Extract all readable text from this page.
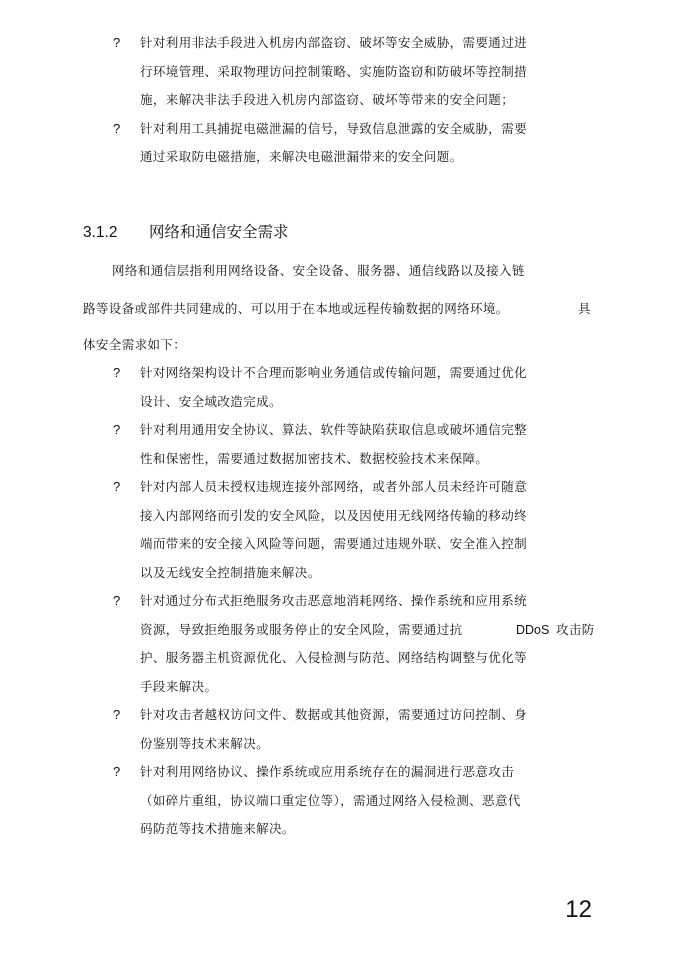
? 针对利用非法手段进入机房内部盗窃、破坏等安全威胁，需要通过进
行环境管理、采取物理访问控制策略、实施防盗窃和防破坏等控制措
施，来解决非法手段进入机房内部盗窃、破坏等带来的安全问题；
? 针对利用工具捕捉电磁泄漏的信号，导致信息泄露的安全威胁，需要
通过采取防电磁措施，来解决电磁泄漏带来的安全问题。
3.1.2 网络和通信安全需求
网络和通信层指利用网络设备、安全设备、服务器、通信线路以及接入链
路等设备或部件共同建成的、可以用于在本地或远程传输数据的网络环境。	具
体安全需求如下：
? 针对网络架构设计不合理而影响业务通信或传输问题，需要通过优化
设计、安全域改造完成。
? 针对利用通用安全协议、算法、软件等缺陷获取信息或破坏通信完整
性和保密性，需要通过数据加密技术、数据校验技术来保障。
? 针对内部人员未授权违规连接外部网络，或者外部人员未经许可随意
接入内部网络而引发的安全风险，以及因使用无线网络传输的移动终
端而带来的安全接入风险等问题，需要通过违规外联、安全准入控制
以及无线安全控制措施来解决。
? 针对通过分布式拒绝服务攻击恶意地消耗网络、操作系统和应用系统
资源，导致拒绝服务或服务停止的安全风险，需要通过抗	DDoS 攻击防
护、服务器主机资源优化、入侵检测与防范、网络结构调整与优化等
手段来解决。
? 针对攻击者越权访问文件、数据或其他资源，需要通过访问控制、身
份鉴别等技术来解决。
? 针对利用网络协议、操作系统或应用系统存在的漏洞进行恶意攻击
（如碎片重组，协议端口重定位等），需通过网络入侵检测、恶意代
码防范等技术措施来解决。
12
